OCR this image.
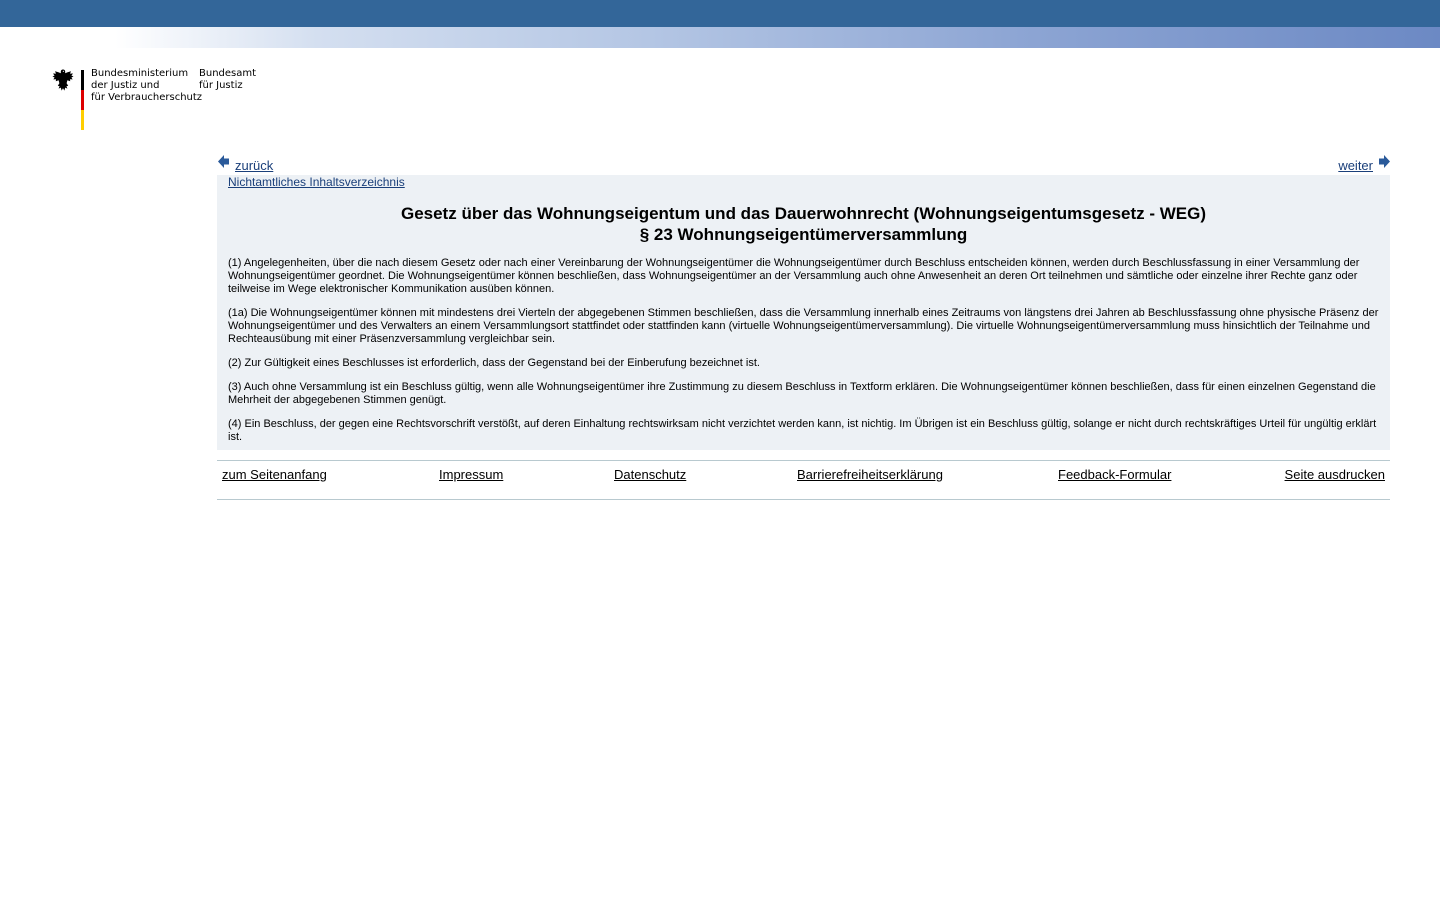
Bundesministerium
der Justiz und
für Verbraucherschutz
Bundesamt
für Justiz
zurück	weiter
Nichtamtliches Inhaltsverzeichnis
Gesetz über das Wohnungseigentum und das Dauerwohnrecht (Wohnungseigentumsgesetz - WEG)
§ 23 Wohnungseigentümerversammlung

(1) Angelegenheiten, über die nach diesem Gesetz oder nach einer Vereinbarung der Wohnungseigentümer die Wohnungseigentümer durch Beschluss entscheiden können, werden durch Beschlussfassung in einer Versammlung der Wohnungseigentümer geordnet. Die Wohnungseigentümer können beschließen, dass Wohnungseigentümer an der Versammlung auch ohne Anwesenheit an deren Ort teilnehmen und sämtliche oder einzelne ihrer Rechte ganz oder teilweise im Wege elektronischer Kommunikation ausüben können.

(1a) Die Wohnungseigentümer können mit mindestens drei Vierteln der abgegebenen Stimmen beschließen, dass die Versammlung innerhalb eines Zeitraums von längstens drei Jahren ab Beschlussfassung ohne physische Präsenz der Wohnungseigentümer und des Verwalters an einem Versammlungsort stattfindet oder stattfinden kann (virtuelle Wohnungseigentümerversammlung). Die virtuelle Wohnungseigentümerversammlung muss hinsichtlich der Teilnahme und Rechteausübung mit einer Präsenzversammlung vergleichbar sein.

(2) Zur Gültigkeit eines Beschlusses ist erforderlich, dass der Gegenstand bei der Einberufung bezeichnet ist.

(3) Auch ohne Versammlung ist ein Beschluss gültig, wenn alle Wohnungseigentümer ihre Zustimmung zu diesem Beschluss in Textform erklären. Die Wohnungseigentümer können beschließen, dass für einen einzelnen Gegenstand die Mehrheit der abgegebenen Stimmen genügt.

(4) Ein Beschluss, der gegen eine Rechtsvorschrift verstößt, auf deren Einhaltung rechtswirksam nicht verzichtet werden kann, ist nichtig. Im Übrigen ist ein Beschluss gültig, solange er nicht durch rechtskräftiges Urteil für ungültig erklärt ist.

zum Seitenanfang	Impressum	Datenschutz	Barrierefreiheitserklärung	Feedback-Formular	Seite ausdrucken
